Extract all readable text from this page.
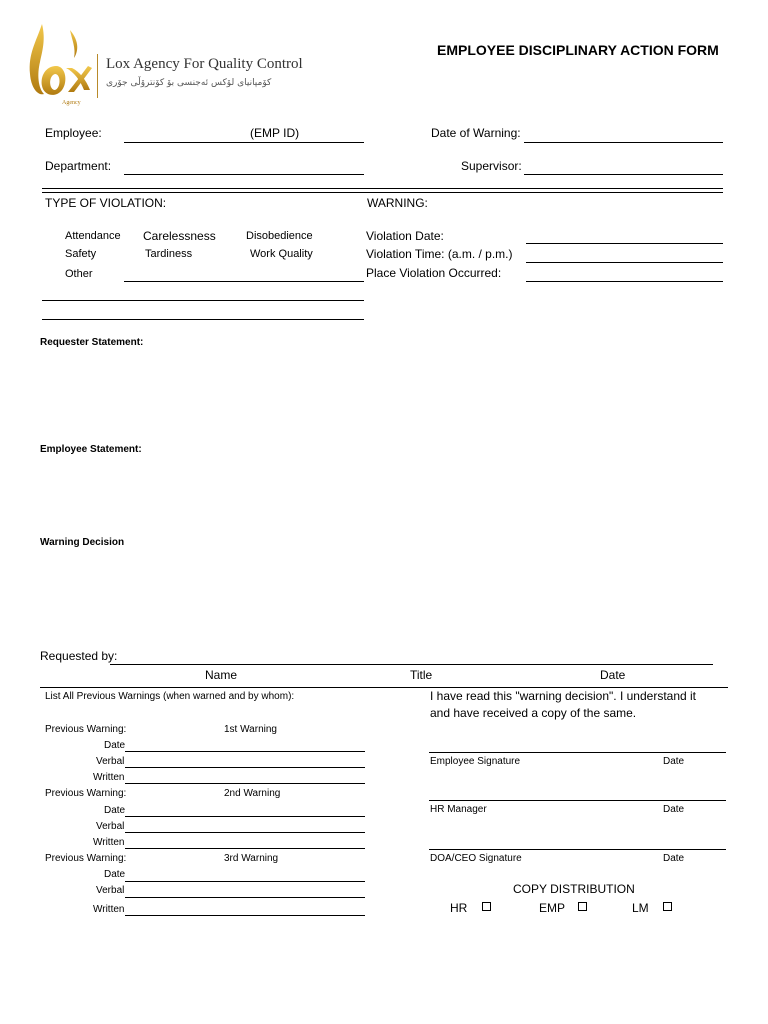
Agency
Lox Agency For Quality Control
کۆمپانیای لۆکس ئەجنسی بۆ کۆنترۆڵی جۆری
EMPLOYEE DISCIPLINARY ACTION FORM
Employee:	(EMP ID)	Date of Warning:
Department:	Supervisor:
TYPE OF VIOLATION:	WARNING:
Attendance Carelessness	Disobedience
Safety	Tardiness	Work Quality
Other
Violation Date:
Violation Time: (a.m. / p.m.)
Place Violation Occurred:
Requester Statement:
Employee Statement:
Warning Decision
Requested by:
Name	Title	Date
List All Previous Warnings (when warned and by whom):
Previous Warning:	1st Warning
Date
Verbal
Written
Previous Warning:	2nd Warning
Date
Verbal
Written
Previous Warning:	3rd Warning
Date
Verbal
Written
I have read this "warning decision". I understand it
and have received a copy of the same.
Employee Signature	Date
HR Manager	Date
DOA/CEO Signature	Date
COPY DISTRIBUTION
HR	EMP	LM
